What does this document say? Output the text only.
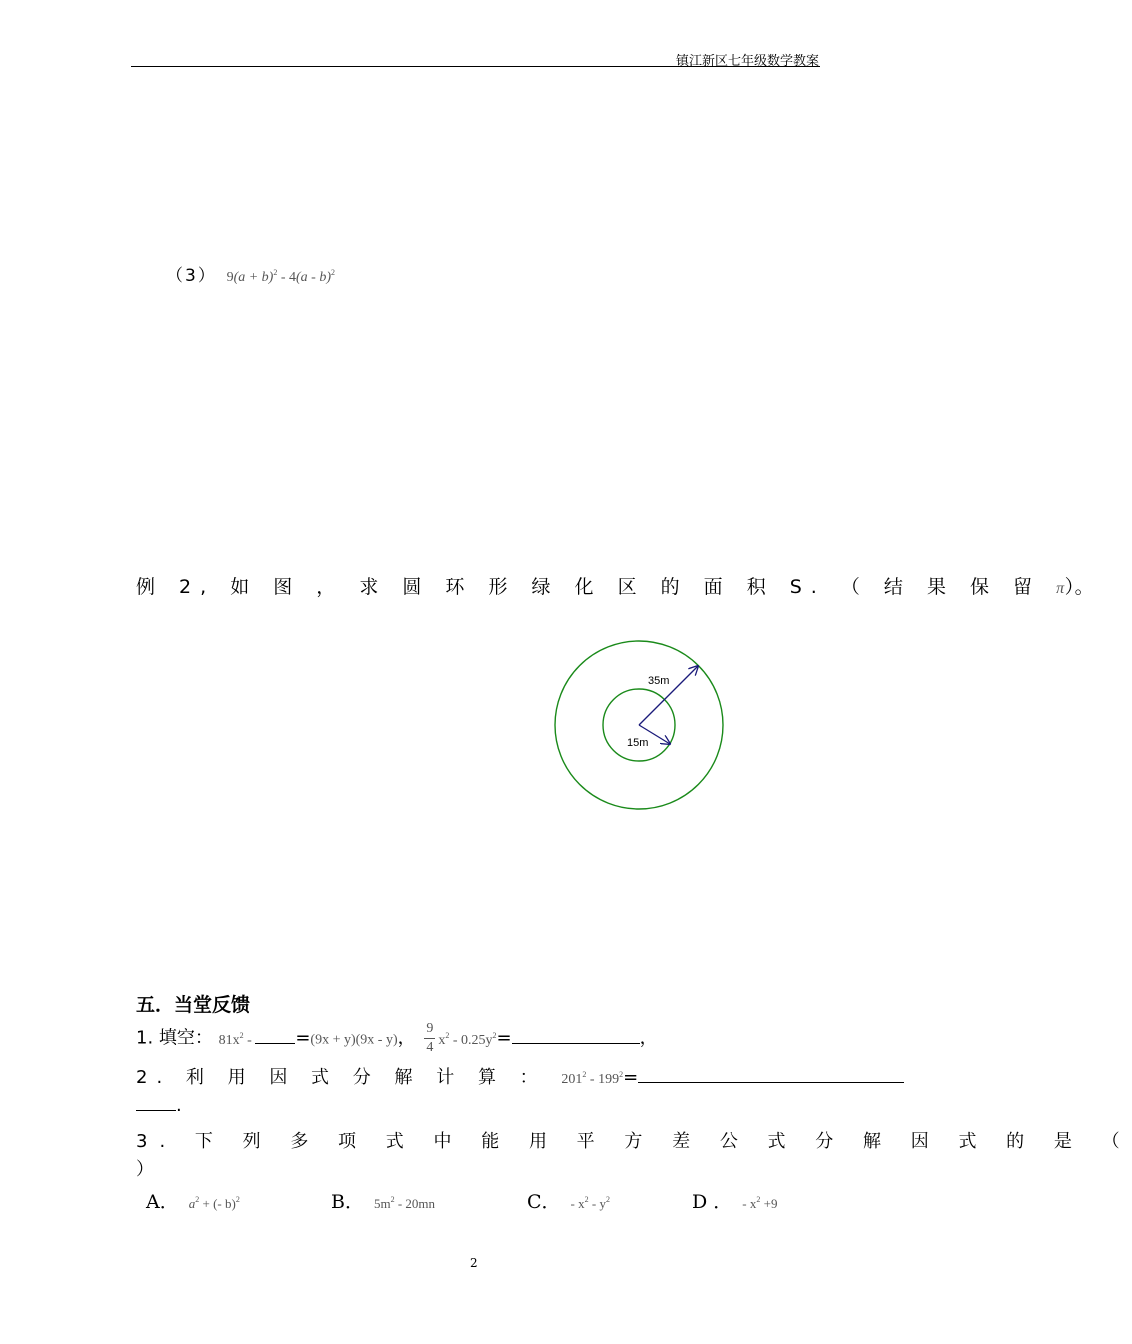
镇江新区七年级数学教案
（3） $9(a + b)^2 - 4(a - b)^2$
例 2, 如 图 ， 求 圆 环 形 绿 化 区 的 面 积 S. （ 结 果 保 留 π）。
35m
15m
五．当堂反馈
1. 填空： $81x^2 - =(9x + y)(9x - y)$， $\frac{9}{4} x^2 - 0.25y^2=$	，
2. 利 用 因 式 分 解 计 算 ： $201^2 - 199^2=$
.
3. 下 列 多 项 式 中 能 用 平 方 差 公 式 分 解 因 式 的 是 （
）
A． $a^2$ + (- b)$^2$	B． $5m^2 - 20mn$	C． - $x^2 - y^2$	D ． - $x^2 +9$
2
